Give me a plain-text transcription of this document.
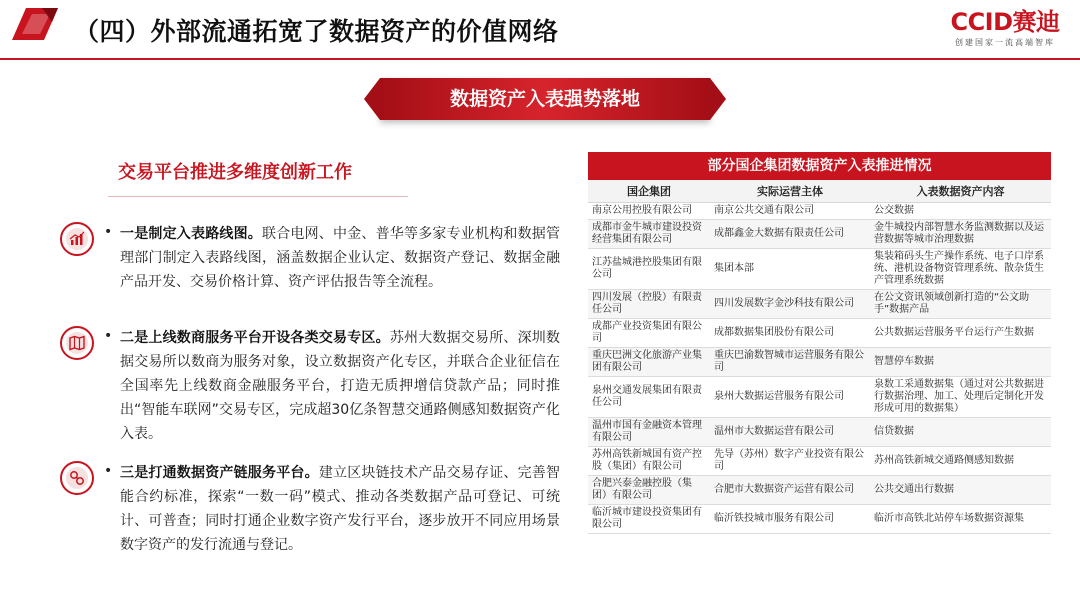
（四）外部流通拓宽了数据资产的价值网络	CCID赛迪
创建国家一流高端智库
数据资产入表强势落地
交易平台推进多维度创新工作
• 一是制定入表路线图。联合电网、中金、普华等多家专业机构和数据管理部门制定入表路线图，涵盖数据企业认定、数据资产登记、数据金融产品开发、交易价格计算、资产评估报告等全流程。

• 二是上线数商服务平台开设各类交易专区。苏州大数据交易所、深圳数据交易所以数商为服务对象，设立数据资产化专区，并联合企业征信在全国率先上线数商金融服务平台，打造无质押增信贷款产品；同时推出“智能车联网”交易专区，完成超30亿条智慧交通路侧感知数据资产化入表。

• 三是打通数据资产链服务平台。建立区块链技术产品交易存证、完善智能合约标准，探索“一数一码”模式、推动各类数据产品可登记、可统计、可普查；同时打通企业数字资产发行平台，逐步放开不同应用场景数字资产的发行流通与登记。

部分国企集团数据资产入表推进情况
国企集团	实际运营主体	入表数据资产内容
南京公用控股有限公司	南京公共交通有限公司	公交数据
成都市金牛城市建设投资经营集团有限公司	成都鑫金大数据有限责任公司	金牛城投内部智慧水务监测数据以及运营数据等城市治理数据
江苏盐城港控股集团有限公司	集团本部	集装箱码头生产操作系统、电子口岸系统、港机设备物资管理系统、散杂货生产管理系统数据
四川发展（控股）有限责任公司	四川发展数字金沙科技有限公司	在公文资讯领域创新打造的“公文助手”数据产品
成都产业投资集团有限公司	成都数据集团股份有限公司	公共数据运营服务平台运行产生数据
重庆巴洲文化旅游产业集团有限公司	重庆巴渝数智城市运营服务有限公司	智慧停车数据
泉州交通发展集团有限责任公司	泉州大数据运营服务有限公司	泉数工采通数据集（通过对公共数据进行数据治理、加工、处理后定制化开发形成可用的数据集）
温州市国有金融资本管理有限公司	温州市大数据运营有限公司	信贷数据
苏州高铁新城国有资产控股（集团）有限公司	先导（苏州）数字产业投资有限公司	苏州高铁新城交通路侧感知数据
合肥兴泰金融控股（集团）有限公司	合肥市大数据资产运营有限公司	公共交通出行数据
临沂城市建设投资集团有限公司	临沂铁投城市服务有限公司	临沂市高铁北站停车场数据资源集
